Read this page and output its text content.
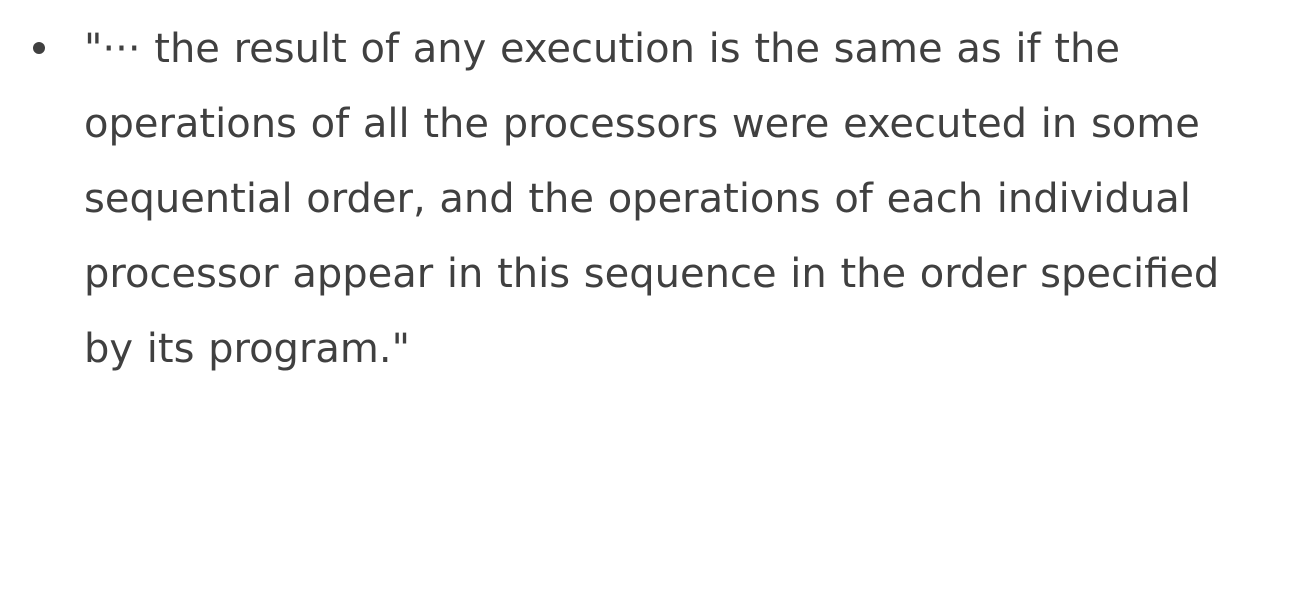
"··· the result of any execution is the same as if the operations of all the processors were executed in some sequential order, and the operations of each individual processor appear in this sequence in the order specified by its program."
